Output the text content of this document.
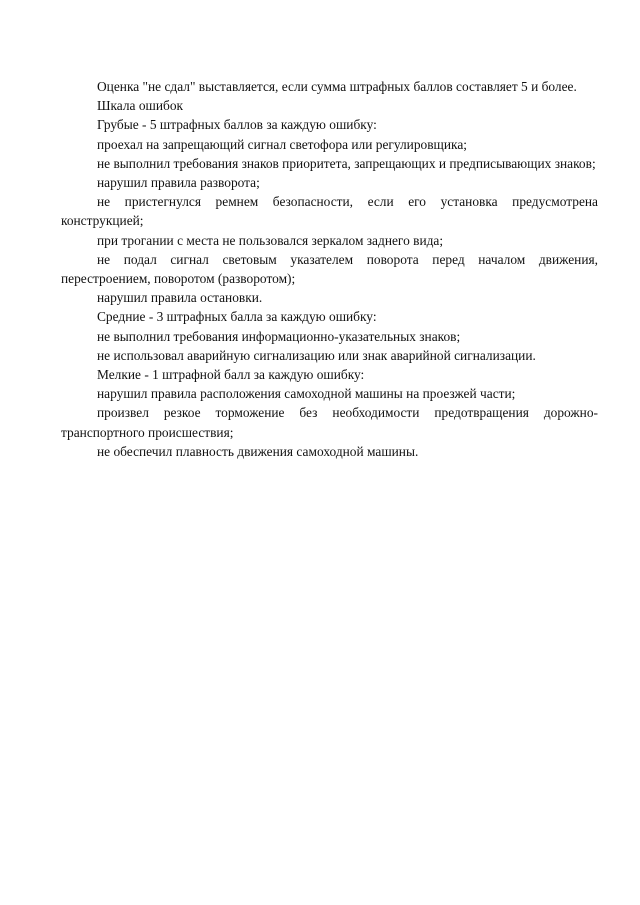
Оценка "не сдал" выставляется, если сумма штрафных баллов составляет 5 и более.

Шкала ошибок

Грубые - 5 штрафных баллов за каждую ошибку:

проехал на запрещающий сигнал светофора или регулировщика;

не выполнил требования знаков приоритета, запрещающих и предписывающих знаков;

нарушил правила разворота;

не пристегнулся ремнем безопасности, если его установка предусмотрена конструкцией;

при трогании с места не пользовался зеркалом заднего вида;

не подал сигнал световым указателем поворота перед началом движения, перестроением, поворотом (разворотом);

нарушил правила остановки.

Средние - 3 штрафных балла за каждую ошибку:

не выполнил требования информационно-указательных знаков;

не использовал аварийную сигнализацию или знак аварийной сигнализации.

Мелкие - 1 штрафной балл за каждую ошибку:

нарушил правила расположения самоходной машины на проезжей части;

произвел резкое торможение без необходимости предотвращения дорожно-транспортного происшествия;

не обеспечил плавность движения самоходной машины.
